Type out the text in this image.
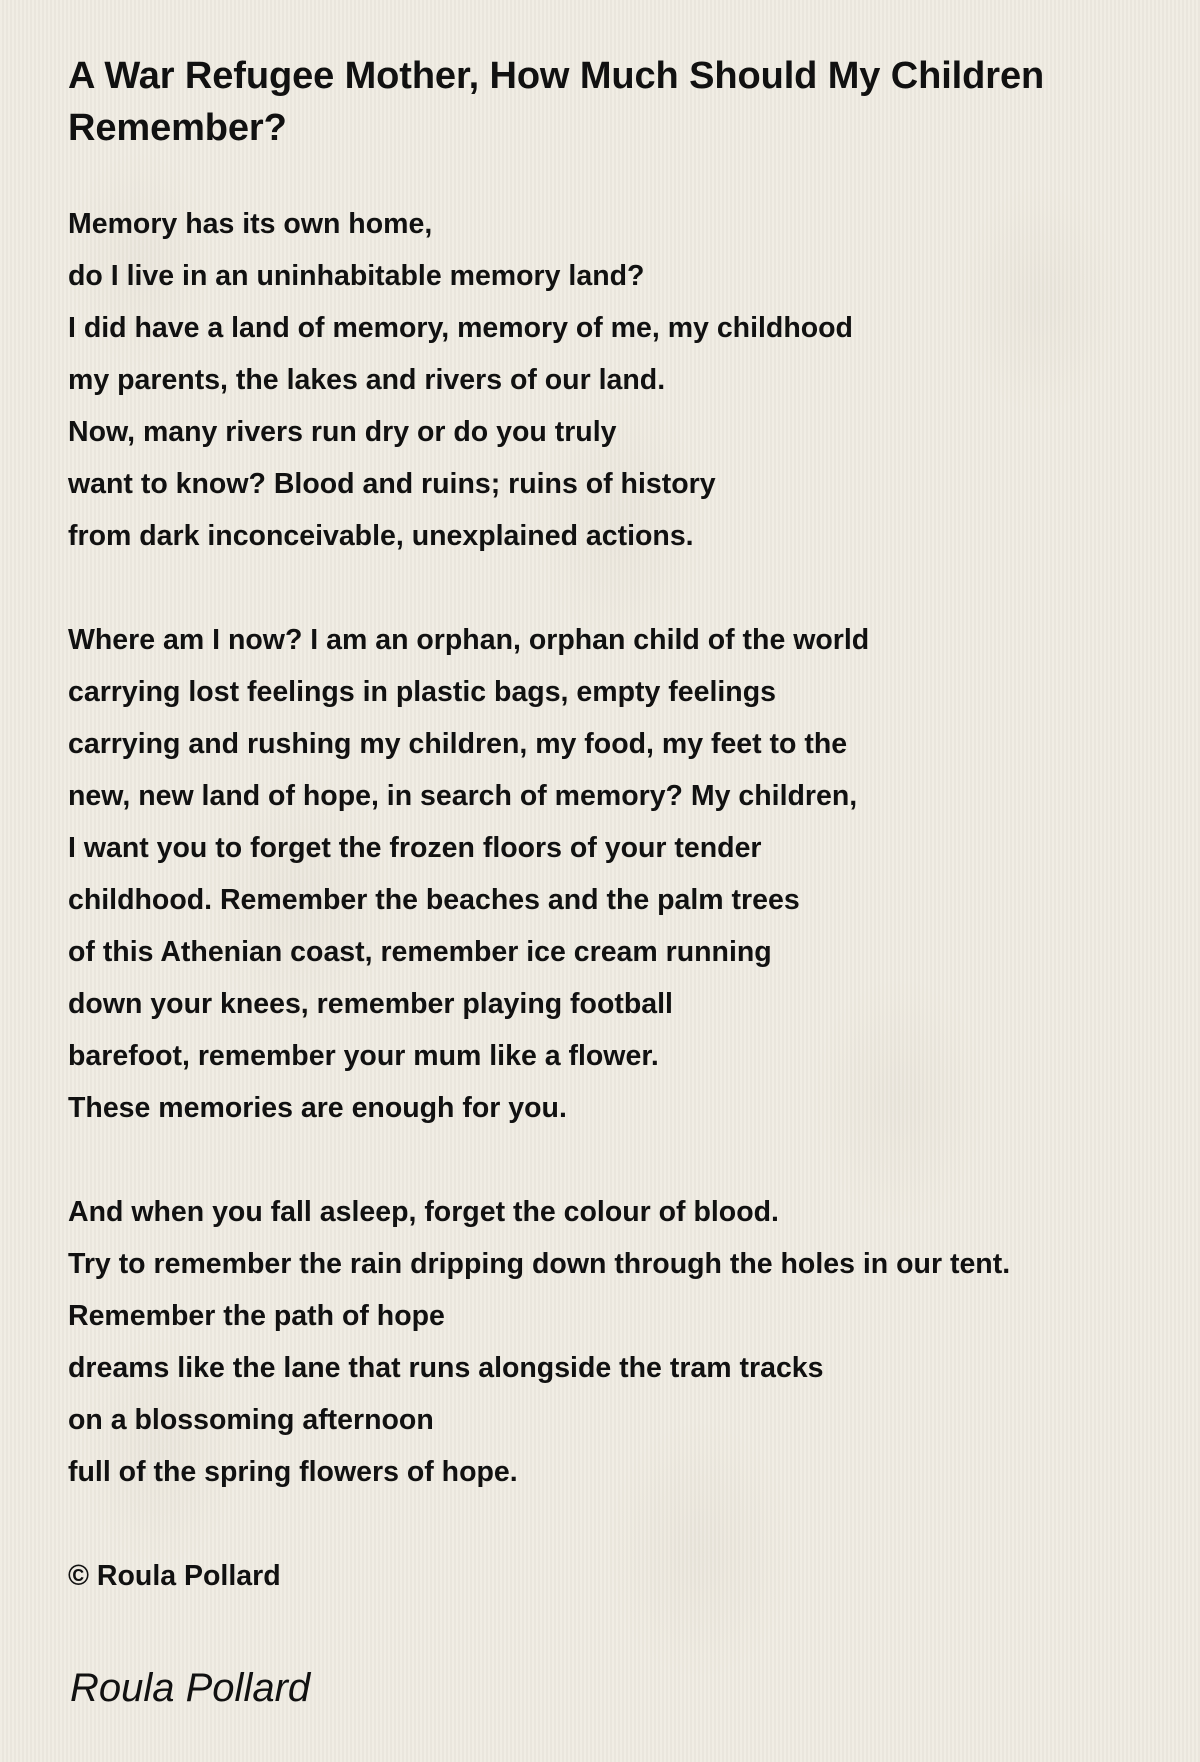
A War Refugee Mother, How Much Should My Children Remember?
Memory has its own home,
do I live in an uninhabitable memory land?
I did have a land of memory, memory of me, my childhood
my parents, the lakes and rivers of our land.
Now, many rivers run dry or do you truly
want to know? Blood and ruins; ruins of history
from dark inconceivable, unexplained actions.
Where am I now? I am an orphan, orphan child of the world
carrying lost feelings in plastic bags, empty feelings
carrying and rushing my children, my food, my feet to the
new, new land of hope, in search of memory? My children,
I want you to forget the frozen floors of your tender
childhood. Remember the beaches and the palm trees
of this Athenian coast, remember ice cream running
down your knees, remember playing football
barefoot, remember your mum like a flower.
These memories are enough for you.
And when you fall asleep, forget the colour of blood.
Try to remember the rain dripping down through the holes in our tent.
Remember the path of hope
dreams like the lane that runs alongside the tram tracks
on a blossoming afternoon
full of the spring flowers of hope.
© Roula Pollard
Roula Pollard
